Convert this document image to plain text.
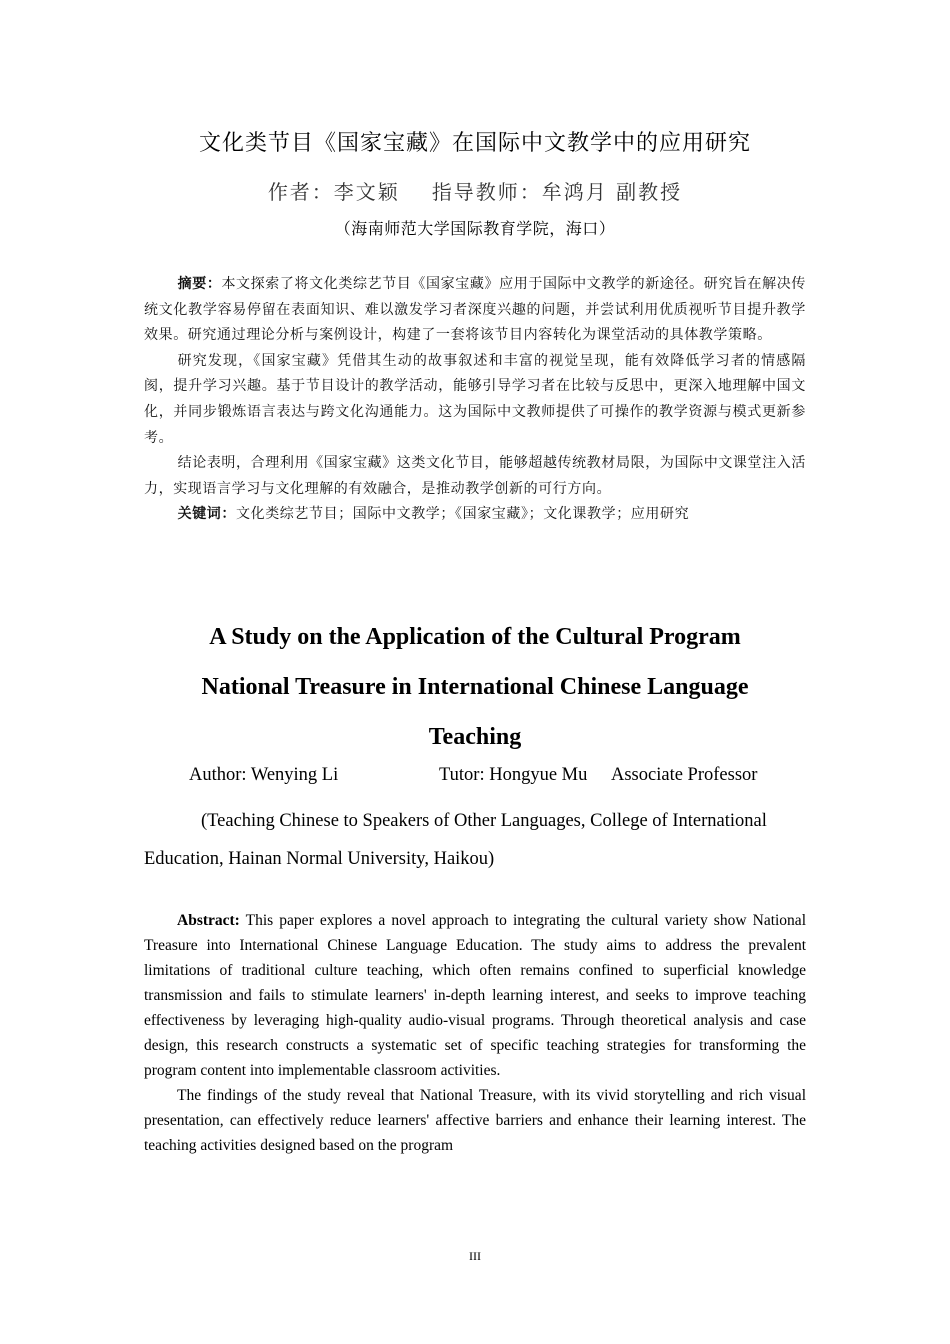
文化类节目《国家宝藏》在国际中文教学中的应用研究
作者：李文颖 指导教师：牟鸿月 副教授
（海南师范大学国际教育学院，海口）

摘要：本文探索了将文化类综艺节目《国家宝藏》应用于国际中文教学的新途径。研究旨在解决传统文化教学容易停留在表面知识、难以激发学习者深度兴趣的问题，并尝试利用优质视听节目提升教学效果。研究通过理论分析与案例设计，构建了一套将该节目内容转化为课堂活动的具体教学策略。

研究发现，《国家宝藏》凭借其生动的故事叙述和丰富的视觉呈现，能有效降低学习者的情感隔阂，提升学习兴趣。基于节目设计的教学活动，能够引导学习者在比较与反思中，更深入地理解中国文化，并同步锻炼语言表达与跨文化沟通能力。这为国际中文教师提供了可操作的教学资源与模式更新参考。

结论表明，合理利用《国家宝藏》这类文化节目，能够超越传统教材局限，为国际中文课堂注入活力，实现语言学习与文化理解的有效融合，是推动教学创新的可行方向。

关键词：文化类综艺节目；国际中文教学；《国家宝藏》；文化课教学；应用研究

A Study on the Application of the Cultural Program National Treasure in International Chinese Language Teaching
Author: Wenying Li	Tutor: Hongyue Mu Associate Professor
(Teaching Chinese to Speakers of Other Languages, College of International Education, Hainan Normal University, Haikou)

Abstract: This paper explores a novel approach to integrating the cultural variety show National Treasure into International Chinese Language Education. The study aims to address the prevalent limitations of traditional culture teaching, which often remains confined to superficial knowledge transmission and fails to stimulate learners' in-depth learning interest, and seeks to improve teaching effectiveness by leveraging high-quality audio-visual programs. Through theoretical analysis and case design, this research constructs a systematic set of specific teaching strategies for transforming the program content into implementable classroom activities.

The findings of the study reveal that National Treasure, with its vivid storytelling and rich visual presentation, can effectively reduce learners' affective barriers and enhance their learning interest. The teaching activities designed based on the program

III
